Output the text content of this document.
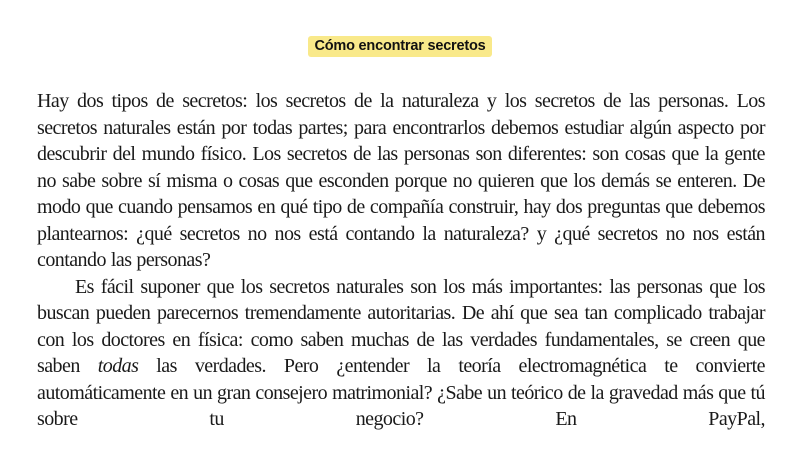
Cómo encontrar secretos

Hay dos tipos de secretos: los secretos de la naturaleza y los secretos de las personas. Los secretos naturales están por todas partes; para encontrarlos debemos estudiar algún aspecto por descubrir del mundo físico. Los secretos de las personas son diferentes: son cosas que la gente no sabe sobre sí misma o cosas que esconden porque no quieren que los demás se enteren. De modo que cuando pensamos en qué tipo de compañía construir, hay dos preguntas que debemos plantearnos: ¿qué secretos no nos está contando la naturaleza? y ¿qué secretos no nos están contando las personas?

Es fácil suponer que los secretos naturales son los más importantes: las personas que los buscan pueden parecernos tremendamente autoritarias. De ahí que sea tan complicado trabajar con los doctores en física: como saben muchas de las verdades fundamentales, se creen que saben todas las verdades. Pero ¿entender la teoría electromagnética te convierte automáticamente en un gran consejero matrimonial? ¿Sabe un teórico de la gravedad más que tú sobre tu negocio? En PayPal,
